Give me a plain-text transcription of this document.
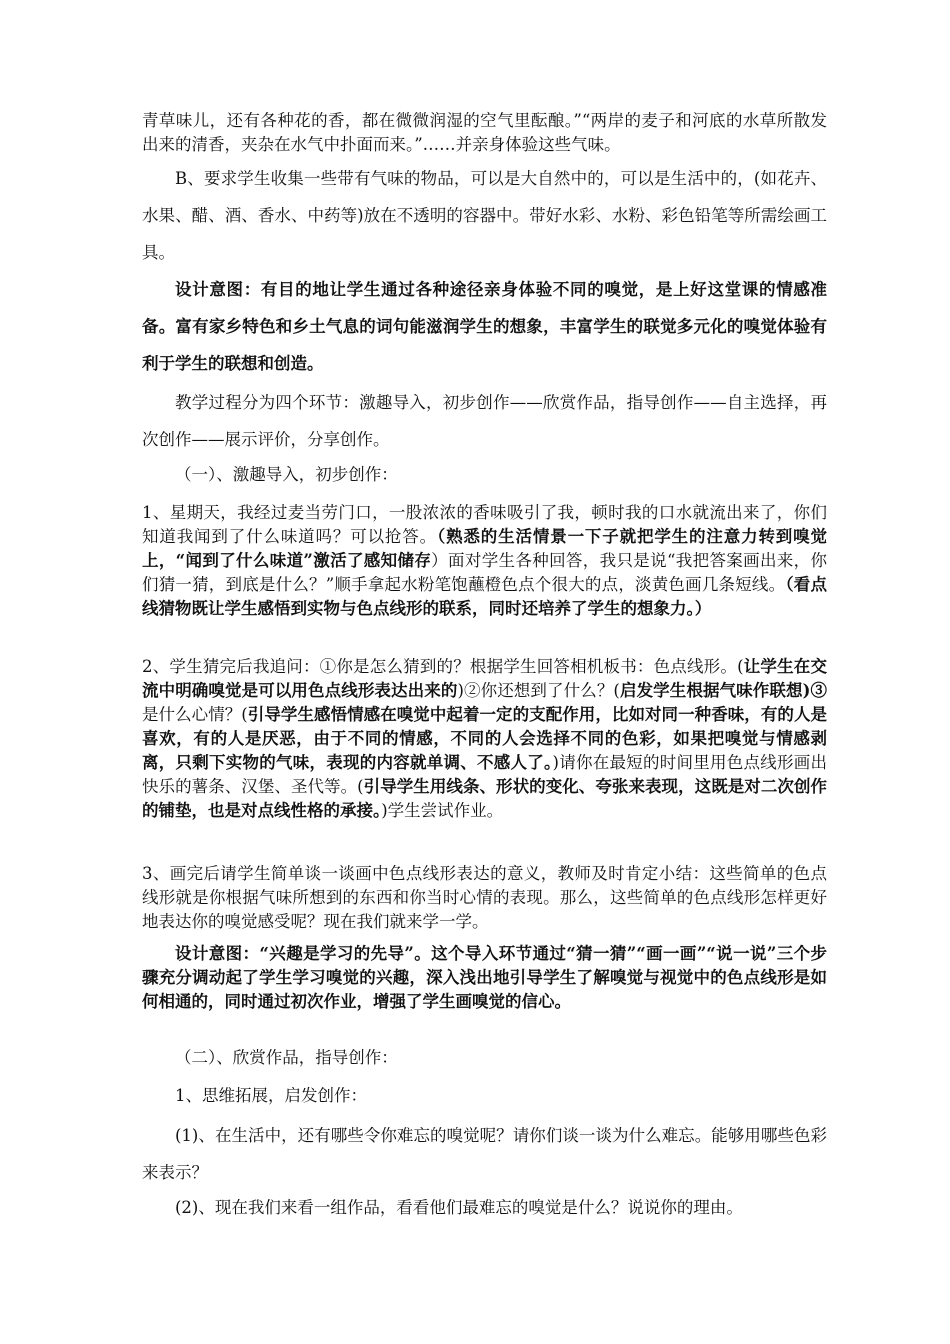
青草味儿，还有各种花的香，都在微微润湿的空气里酝酿。”“两岸的麦子和河底的水草所散发出来的清香，夹杂在水气中扑面而来。”……并亲身体验这些气味。

B、要求学生收集一些带有气味的物品，可以是大自然中的，可以是生活中的，(如花卉、水果、醋、酒、香水、中药等)放在不透明的容器中。带好水彩、水粉、彩色铅笔等所需绘画工具。

设计意图：有目的地让学生通过各种途径亲身体验不同的嗅觉，是上好这堂课的情感准备。富有家乡特色和乡土气息的词句能滋润学生的想象，丰富学生的联觉多元化的嗅觉体验有利于学生的联想和创造。

教学过程分为四个环节：激趣导入，初步创作——欣赏作品，指导创作——自主选择，再次创作——展示评价，分享创作。

（一）、激趣导入，初步创作：

1、星期天，我经过麦当劳门口，一股浓浓的香味吸引了我，顿时我的口水就流出来了，你们知道我闻到了什么味道吗？可以抢答。（熟悉的生活情景一下子就把学生的注意力转到嗅觉上，“闻到了什么味道”激活了感知储存）面对学生各种回答，我只是说“我把答案画出来，你们猜一猜，到底是什么？”顺手拿起水粉笔饱蘸橙色点个很大的点，淡黄色画几条短线。（看点线猜物既让学生感悟到实物与色点线形的联系，同时还培养了学生的想象力。）

2、学生猜完后我追问：①你是怎么猜到的？根据学生回答相机板书：色点线形。(让学生在交流中明确嗅觉是可以用色点线形表达出来的)②你还想到了什么？(启发学生根据气味作联想)③是什么心情？(引导学生感悟情感在嗅觉中起着一定的支配作用，比如对同一种香味，有的人是喜欢，有的人是厌恶，由于不同的情感，不同的人会选择不同的色彩，如果把嗅觉与情感剥离，只剩下实物的气味，表现的内容就单调、不感人了。)请你在最短的时间里用色点线形画出快乐的薯条、汉堡、圣代等。(引导学生用线条、形状的变化、夸张来表现，这既是对二次创作的铺垫，也是对点线性格的承接。)学生尝试作业。

3、画完后请学生简单谈一谈画中色点线形表达的意义，教师及时肯定小结：这些简单的色点线形就是你根据气味所想到的东西和你当时心情的表现。那么，这些简单的色点线形怎样更好地表达你的嗅觉感受呢？现在我们就来学一学。

设计意图：“兴趣是学习的先导”。这个导入环节通过“猜一猜”“画一画”“说一说”三个步骤充分调动起了学生学习嗅觉的兴趣，深入浅出地引导学生了解嗅觉与视觉中的色点线形是如何相通的，同时通过初次作业，增强了学生画嗅觉的信心。

（二）、欣赏作品，指导创作：

1、思维拓展，启发创作：

(1)、在生活中，还有哪些令你难忘的嗅觉呢？请你们谈一谈为什么难忘。能够用哪些色彩来表示？

(2)、现在我们来看一组作品，看看他们最难忘的嗅觉是什么？说说你的理由。
